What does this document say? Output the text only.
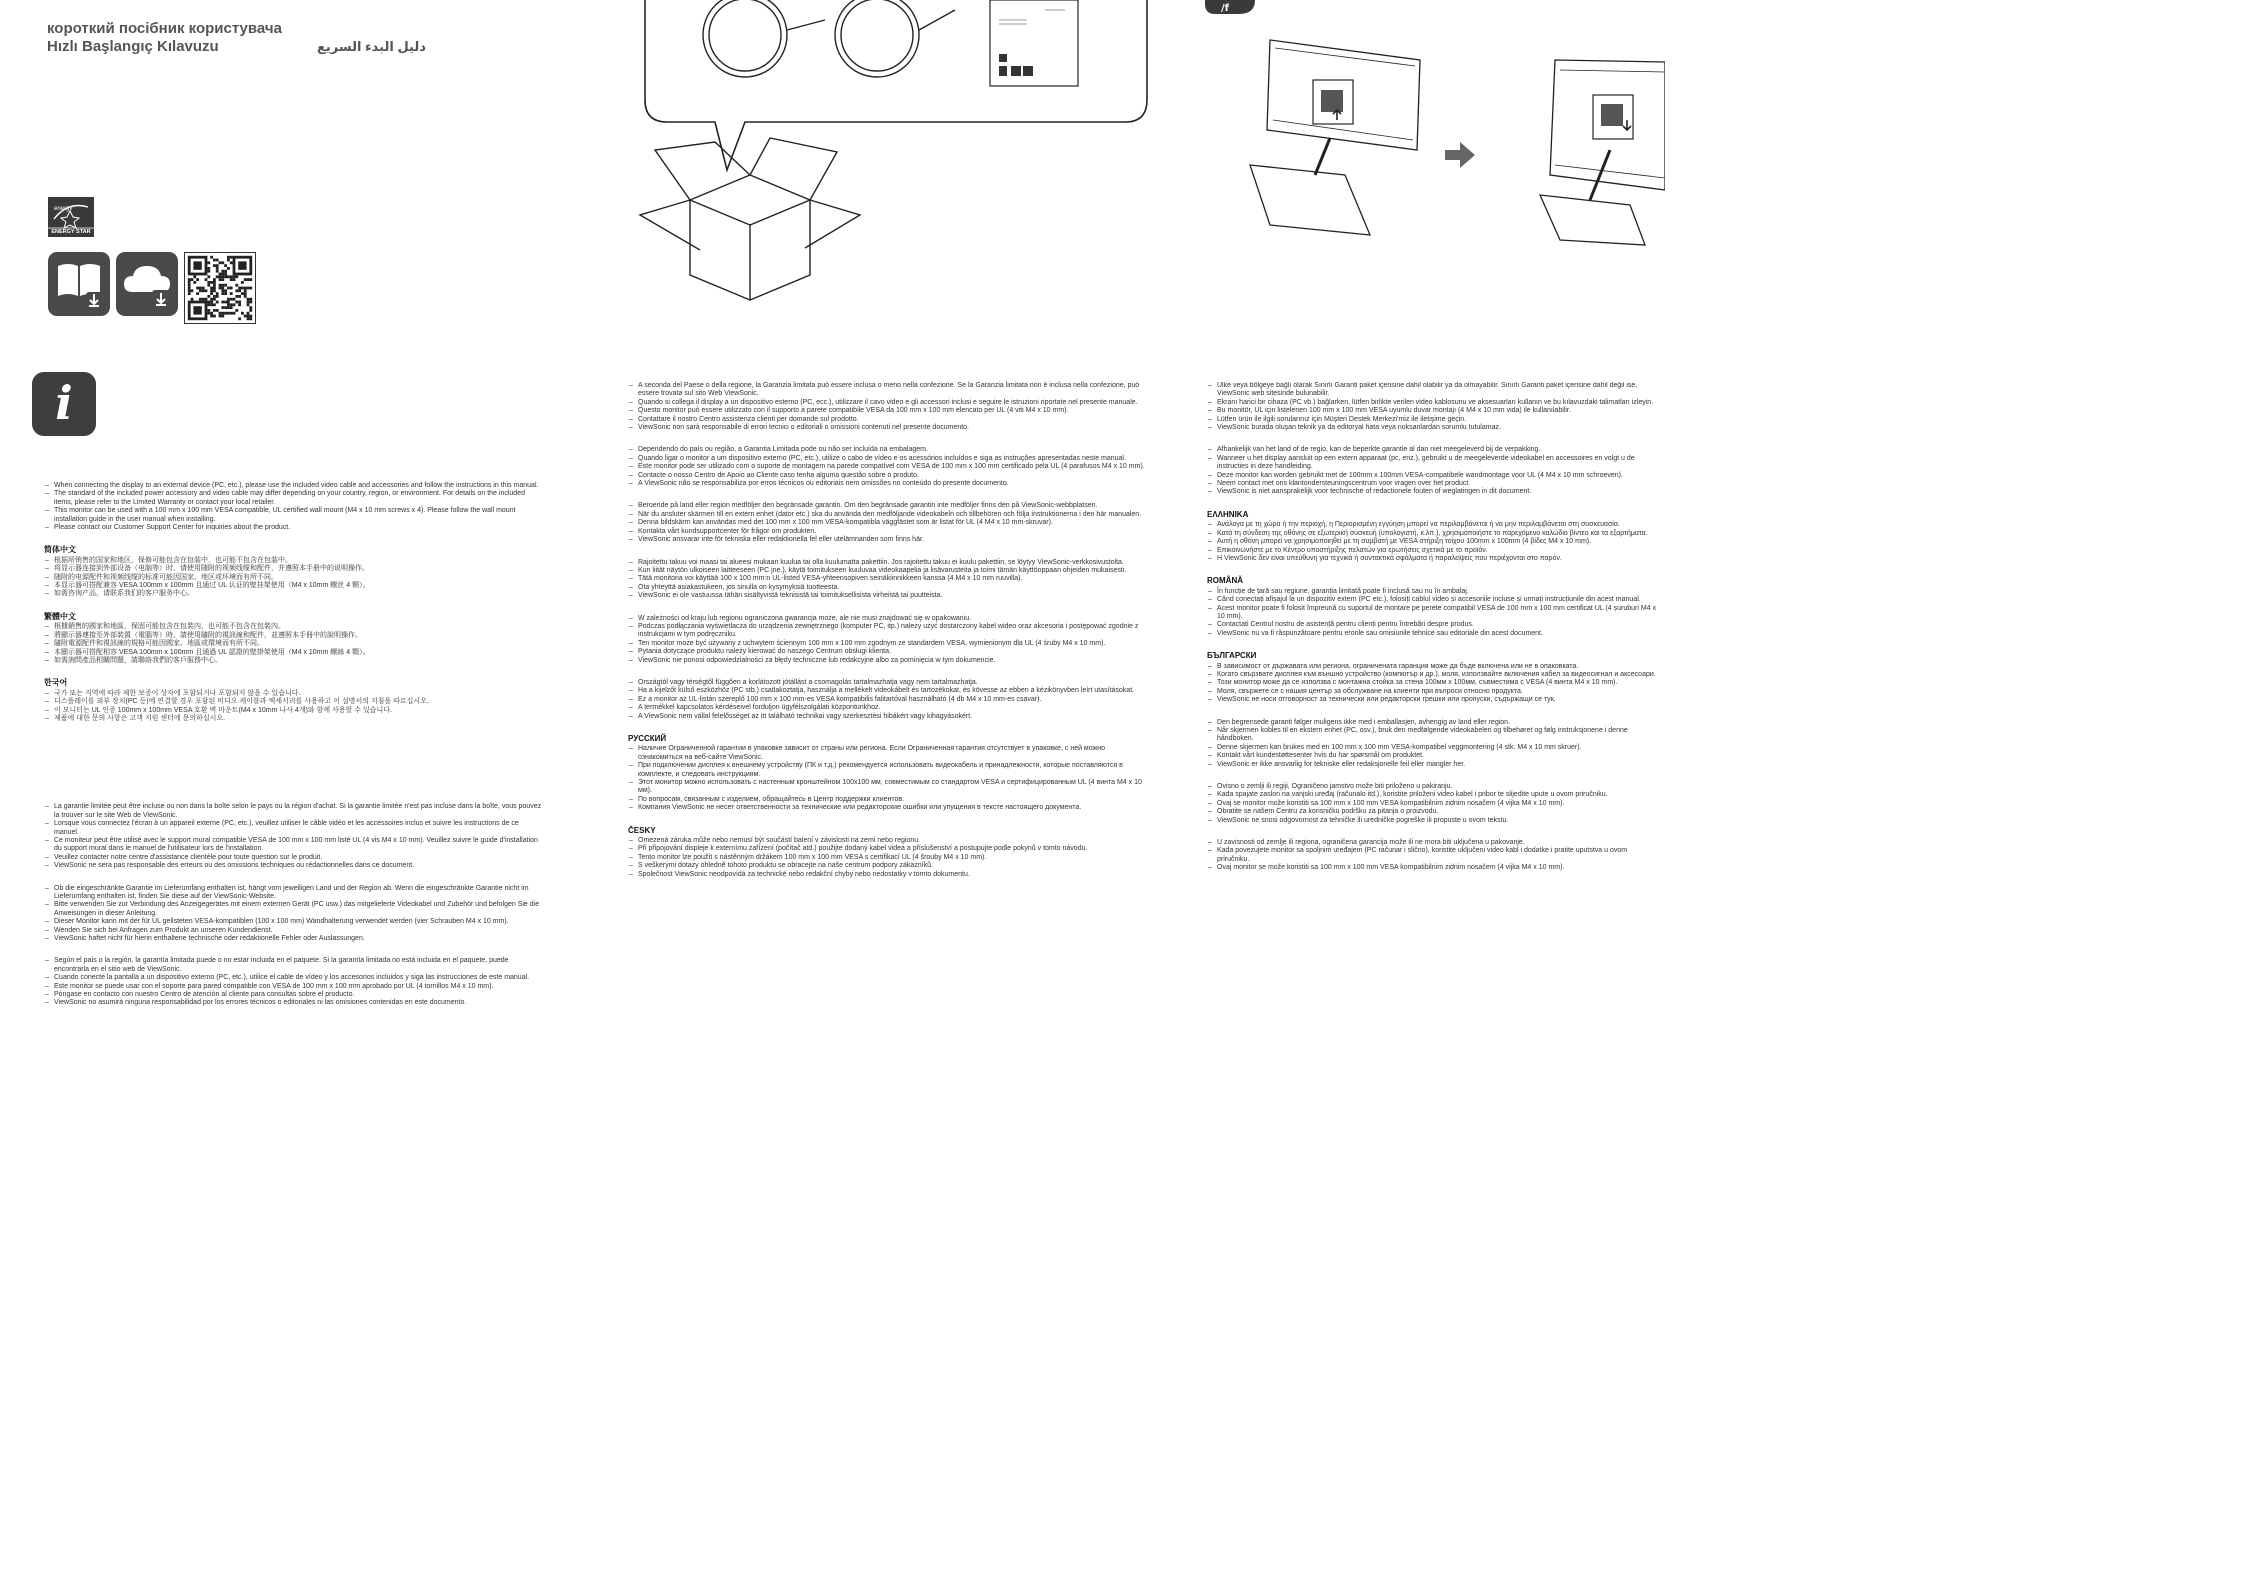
короткий посібник користувача
Hızlı Başlangıç Kılavuzu	دليل البدء السريع
energy
ENERGY STAR
i
/f
– When connecting the display to an external device (PC, etc.), please use the included video cable and accessories and follow the instructions in this manual.
– The standard of the included power accessory and video cable may differ depending on your country, region, or environment. For details on the included items, please refer to the Limited Warranty or contact your local retailer.
– This monitor can be used with a 100 mm x 100 mm VESA compatible, UL certified wall mount (M4 x 10 mm screws x 4). Please follow the wall mount installation guide in the user manual when installing.
– Please contact our Customer Support Center for inquiries about the product.
简体中文
– 根据所销售的国家和地区，保修可能包含在包装中，也可能不包含在包装中。
– 将显示器连接到外部设备（电脑等）时，请使用随附的视频线缆和配件，并遵照本手册中的说明操作。
– 随附的电源配件和视频线缆的标准可能因国家、地区或环境而有所不同。
– 本显示器可搭配兼容 VESA 100mm x 100mm 且通过 UL 认证的壁挂架使用（M4 x 10mm 螺丝 4 颗）。
– 如需咨询产品，请联系我们的客户服务中心。
繁體中文
– 根據銷售的國家和地區，保固可能包含在包裝內，也可能不包含在包裝內。
– 將顯示器連接至外部裝置（電腦等）時，請使用隨附的視訊線和配件，並遵照本手冊中的說明操作。
– 隨附電源配件和視訊線的規格可能因國家、地區或環境而有所不同。
– 本顯示器可搭配相容 VESA 100mm x 100mm 且通過 UL 認證的壁掛架使用（M4 x 10mm 螺絲 4 顆）。
– 如需詢問產品相關問題，請聯絡我們的客戶服務中心。
한국어
– 국가 또는 지역에 따라 제한 보증이 상자에 포함되거나 포함되지 않을 수 있습니다.
– 디스플레이를 외부 장치(PC 등)에 연결할 경우 포함된 비디오 케이블과 액세서리를 사용하고 이 설명서의 지침을 따르십시오.
– 이 모니터는 UL 인증 100mm x 100mm VESA 호환 벽 마운트(M4 x 10mm 나사 4개)와 함께 사용할 수 있습니다.
– 제품에 대한 문의 사항은 고객 지원 센터에 문의하십시오.
– La garantie limitée peut être incluse ou non dans la boîte selon le pays ou la région d'achat. Si la garantie limitée n'est pas incluse dans la boîte, vous pouvez la trouver sur le site Web de ViewSonic.
– Lorsque vous connectez l'écran à un appareil externe (PC, etc.), veuillez utiliser le câble vidéo et les accessoires inclus et suivre les instructions de ce manuel.
– Ce moniteur peut être utilisé avec le support mural compatible VESA de 100 mm x 100 mm listé UL (4 vis M4 x 10 mm). Veuillez suivre le guide d'installation du support mural dans le manuel de l'utilisateur lors de l'installation.
– Veuillez contacter notre centre d'assistance clientèle pour toute question sur le produit.
– ViewSonic ne sera pas responsable des erreurs ou des omissions techniques ou rédactionnelles dans ce document.
– Ob die eingeschränkte Garantie im Lieferumfang enthalten ist, hängt vom jeweiligen Land und der Region ab. Wenn die eingeschränkte Garantie nicht im Lieferumfang enthalten ist, finden Sie diese auf der ViewSonic-Website.
– Bitte verwenden Sie zur Verbindung des Anzeigegerätes mit einem externen Gerät (PC usw.) das mitgelieferte Videokabel und Zubehör und befolgen Sie die Anweisungen in dieser Anleitung.
– Dieser Monitor kann mit der für UL gelisteten VESA-kompatiblen (100 x 100 mm) Wandhalterung verwendet werden (vier Schrauben M4 x 10 mm).
– Wenden Sie sich bei Anfragen zum Produkt an unseren Kundendienst.
– ViewSonic haftet nicht für hierin enthaltene technische oder redaktionelle Fehler oder Auslassungen.
– Según el país o la región, la garantía limitada puede o no estar incluida en el paquete. Si la garantía limitada no está incluida en el paquete, puede encontrarla en el sitio web de ViewSonic.
– Cuando conecte la pantalla a un dispositivo externo (PC, etc.), utilice el cable de vídeo y los accesorios incluidos y siga las instrucciones de este manual.
– Este monitor se puede usar con el soporte para pared compatible con VESA de 100 mm x 100 mm aprobado por UL (4 tornillos M4 x 10 mm).
– Póngase en contacto con nuestro Centro de atención al cliente para consultas sobre el producto.
– ViewSonic no asumirá ninguna responsabilidad por los errores técnicos o editoriales ni las omisiones contenidas en este documento.
– A seconda del Paese o della regione, la Garanzia limitata può essere inclusa o meno nella confezione. Se la Garanzia limitata non è inclusa nella confezione, può essere trovata sul sito Web ViewSonic.
– Quando si collega il display a un dispositivo esterno (PC, ecc.), utilizzare il cavo video e gli accessori inclusi e seguire le istruzioni riportate nel presente manuale.
– Questo monitor può essere utilizzato con il supporto a parete compatibile VESA da 100 mm x 100 mm elencato per UL (4 viti M4 x 10 mm).
– Contattare il nostro Centro assistenza clienti per domande sul prodotto.
– ViewSonic non sarà responsabile di errori tecnici o editoriali o omissioni contenuti nel presente documento.
– Dependendo do país ou região, a Garantia Limitada pode ou não ser incluída na embalagem.
– Quando ligar o monitor a um dispositivo externo (PC, etc.), utilize o cabo de vídeo e os acessórios incluídos e siga as instruções apresentadas neste manual.
– Este monitor pode ser utilizado com o suporte de montagem na parede compatível com VESA de 100 mm x 100 mm certificado pela UL (4 parafusos M4 x 10 mm).
– Contacte o nosso Centro de Apoio ao Cliente caso tenha alguma questão sobre o produto.
– A ViewSonic não se responsabiliza por erros técnicos ou editoriais nem omissões no conteúdo do presente documento.
– Beroende på land eller region medföljer den begränsade garantin. Om den begränsade garantin inte medföljer finns den på ViewSonic-webbplatsen.
– När du ansluter skärmen till en extern enhet (dator etc.) ska du använda den medföljande videokabeln och tillbehören och följa instruktionerna i den här manualen.
– Denna bildskärm kan användas med det 100 mm x 100 mm VESA-kompatibla väggfästet som är listat för UL (4 M4 x 10 mm-skruvar).
– Kontakta vårt kundsupportcenter för frågor om produkten.
– ViewSonic ansvarar inte för tekniska eller redaktionella fel eller utelämnanden som finns här.
– Rajoitettu takuu voi maasi tai alueesi mukaan kuulua tai olla kuulumatta pakettiin. Jos rajoitettu takuu ei kuulu pakettiin, se löytyy ViewSonic-verkkosivustolta.
– Kun liität näytön ulkoiseen laitteeseen (PC jne.), käytä toimitukseen kuuluvaa videokaapelia ja lisävarusteita ja toimi tämän käyttöoppaan ohjeiden mukaisesti.
– Tätä monitoria voi käyttää 100 x 100 mm:n UL-listed VESA-yhteensopiven seinäkiinnikkeen kanssa (4 M4 x 10 mm ruuvilla).
– Ota yhteyttä asiakastukeen, jos sinulla on kysymyksiä tuotteesta.
– ViewSonic ei ole vastuussa tähän sisältyvistä teknisistä tai toimituksellisista virheistä tai puutteista.
– W zależności od kraju lub regionu ograniczona gwarancja może, ale nie musi znajdować się w opakowaniu.
– Podczas podłączania wyświetlacza do urządzenia zewnętrznego (komputer PC, itp.) należy użyć dostarczony kabel wideo oraz akcesoria i postępować zgodnie z instrukcjami w tym podręczniku.
– Ten monitor może być używany z uchwytem ściennym 100 mm x 100 mm zgodnym ze standardem VESA, wymienionym dla UL (4 śruby M4 x 10 mm).
– Pytania dotyczące produktu należy kierować do naszego Centrum obsługi klienta.
– ViewSonic nie ponosi odpowiedzialności za błędy techniczne lub redakcyjne albo za pominięcia w tym dokumencie.
– Országtól vagy térségtől függően a korlátozott jótállást a csomagolás tartalmazhatja vagy nem tartalmazhatja.
– Ha a kijelzőt külső eszközhöz (PC stb.) csatlakoztatja, használja a mellékelt videokábelt és tartozékokat, és kövesse az ebben a kézikönyvben leírt utasításokat.
– Ez a monitor az UL-listán szereplő 100 mm x 100 mm-es VESA kompatibilis falitartóval használható (4 db M4 x 10 mm-es csavar).
– A termékkel kapcsolatos kérdéseivel forduljon ügyfélszolgálati központunkhoz.
– A ViewSonic nem vállal felelősséget az itt található technikai vagy szerkesztési hibákért vagy kihagyásokért.
РУССКИЙ
– Наличие Ограниченной гарантии в упаковке зависит от страны или региона. Если Ограниченная гарантия отсутствует в упаковке, с ней можно ознакомиться на веб-сайте ViewSonic.
– При подключении дисплея к внешнему устройству (ПК и т.д.) рекомендуется использовать видеокабель и принадлежности, которые поставляются в комплекте, и следовать инструкциям.
– Этот монитор можно использовать с настенным кронштейном 100х100 мм, совместимым со стандартом VESA и сертифицированным UL (4 винта M4 x 10 мм).
– По вопросам, связанным с изделием, обращайтесь в Центр поддержки клиентов.
– Компания ViewSonic не несет ответственности за технические или редакторские ошибки или упущения в тексте настоящего документа.
ČESKY
– Omezená záruka může nebo nemusí být součástí balení v závislosti na zemi nebo regionu.
– Při připojování displeje k externímu zařízení (počítač atd.) použijte dodaný kabel videa a příslušenství a postupujte podle pokynů v tomto návodu.
– Tento monitor lze použít s nástěnným držákem 100 mm x 100 mm VESA s certifikací UL (4 šrouby M4 x 10 mm).
– S veškerými dotazy ohledně tohoto produktu se obracejte na naše centrum podpory zákazníků.
– Společnost ViewSonic neodpovídá za technické nebo redakční chyby nebo nedostatky v tomto dokumentu.
– Ülke veya bölgeye bağlı olarak Sınırlı Garanti paket içerisine dahil olabilir ya da olmayabilir. Sınırlı Garanti paket içerisine dahil değil ise, ViewSonic web sitesinde bulunabilir.
– Ekranı harici bir cihaza (PC vb.) bağlarken, lütfen birlikte verilen video kablosunu ve aksesuarları kullanın ve bu kılavuzdaki talimatları izleyin.
– Bu monitör, UL için listelenen 100 mm x 100 mm VESA uyumlu duvar montajı (4 M4 x 10 mm vida) ile kullanılabilir.
– Lütfen ürün ile ilgili sorularınız için Müşteri Destek Merkezi'miz ile iletişime geçin.
– ViewSonic burada oluşan teknik ya da editoryal hata veya noksanlardan sorumlu tutulamaz.
– Afhankelijk van het land of de regio, kan de beperkte garantie al dan niet meegeleverd bij de verpakking.
– Wanneer u het display aansluit op een extern apparaat (pc, enz.), gebruikt u de meegeleverde videokabel en accessoires en volgt u de instructies in deze handleiding.
– Deze monitor kan worden gebruikt met de 100mm x 100mm VESA-compatibele wandmontage voor UL (4 M4 x 10 mm schroeven).
– Neem contact met ons klantondersteuningscentrum voor vragen over het product.
– ViewSonic is niet aansprakelijk voor technische of redactionele fouten of weglatingen in dit document.
ΕΛΛΗΝΙΚΑ
– Ανάλογα με τη χώρα ή την περιοχή, η Περιορισμένη εγγύηση μπορεί να περιλαμβάνεται ή να μην περιλαμβάνεται στη συσκευασία.
– Κατά τη σύνδεση της οθόνης σε εξωτερική συσκευή (υπολογιστή, κ.λπ.), χρησιμοποιήστε το παρεχόμενο καλώδιο βίντεο και τα εξαρτήματα.
– Αυτή η οθόνη μπορεί να χρησιμοποιηθεί με τη συμβατή με VESA στήριξη τοίχου 100mm x 100mm (4 βίδες M4 x 10 mm).
– Επικοινωνήστε με το Κέντρο υποστήριξης πελατών για ερωτήσεις σχετικά με το προϊόν.
– Η ViewSonic δεν είναι υπεύθυνη για τεχνικά ή συντακτικά σφάλματα ή παραλείψεις που περιέχονται στο παρόν.
ROMÂNĂ
– În funcție de țară sau regiune, garanția limitată poate fi inclusă sau nu în ambalaj.
– Când conectați afișajul la un dispozitiv extern (PC etc.), folosiți cablul video și accesoriile incluse și urmați instrucțiunile din acest manual.
– Acest monitor poate fi folosit împreună cu suportul de montare pe perete compatibil VESA de 100 mm x 100 mm certificat UL (4 șuruburi M4 x 10 mm).
– Contactați Centrul nostru de asistență pentru clienți pentru întrebări despre produs.
– ViewSonic nu va fi răspunzătoare pentru erorile sau omisiunile tehnice sau editoriale din acest document.
БЪЛГАРСКИ
– В зависимост от държавата или региона, ограничената гаранция може да бъде включена или не в опаковката.
– Когато свързвате дисплея към външно устройство (компютър и др.), моля, използвайте включения кабел за видеосигнал и аксесоари.
– Този монитор може да се използва с монтажна стойка за стена 100мм x 100мм, съвместима с VESA (4 винта M4 x 10 mm).
– Моля, свържете се с нашия център за обслужване на клиенти при въпроси относно продукта.
– ViewSonic не носи отговорност за технически или редакторски грешки или пропуски, съдържащи се тук.
– Den begrensede garanti følger muligens ikke med i emballasjen, avhengig av land eller region.
– Når skjermen kobles til en ekstern enhet (PC, osv.), bruk den medfølgende videokabelen og tilbehøret og følg instruksjonene i denne håndboken.
– Denne skjermen kan brukes med en 100 mm x 100 mm VESA-kompatibel veggmontering (4 stk. M4 x 10 mm skruer).
– Kontakt vårt kundestøttesenter hvis du har spørsmål om produktet.
– ViewSonic er ikke ansvarlig for tekniske eller redaksjonelle feil eller mangler her.
– Ovisno o zemlji ili regiji, Ograničeno jamstvo može biti priloženo u pakiranju.
– Kada spajate zaslon na vanjski uređaj (računalo itd.), koristite priloženi video kabel i pribor te slijedite upute u ovom priručniku.
– Ovaj se monitor može koristiti sa 100 mm x 100 mm VESA kompatibilnim zidnim nosačem (4 vijka M4 x 10 mm).
– Obratite se našem Centru za korisničku podršku za pitanja o proizvodu.
– ViewSonic ne snosi odgovornost za tehničke ili uredničke pogreške ili propuste u ovom tekstu.
– U zavisnosti od zemlje ili regiona, ograničena garancija može ili ne mora biti uključena u pakovanje.
– Kada povezujete monitor sa spoljnim uređajem (PC računar i slično), koristite uključeni video kabl i dodatke i pratite uputstva u ovom priručniku.
– Ovaj monitor se može koristiti sa 100 mm x 100 mm VESA kompatibilnim zidnim nosačem (4 vijka M4 x 10 mm).
